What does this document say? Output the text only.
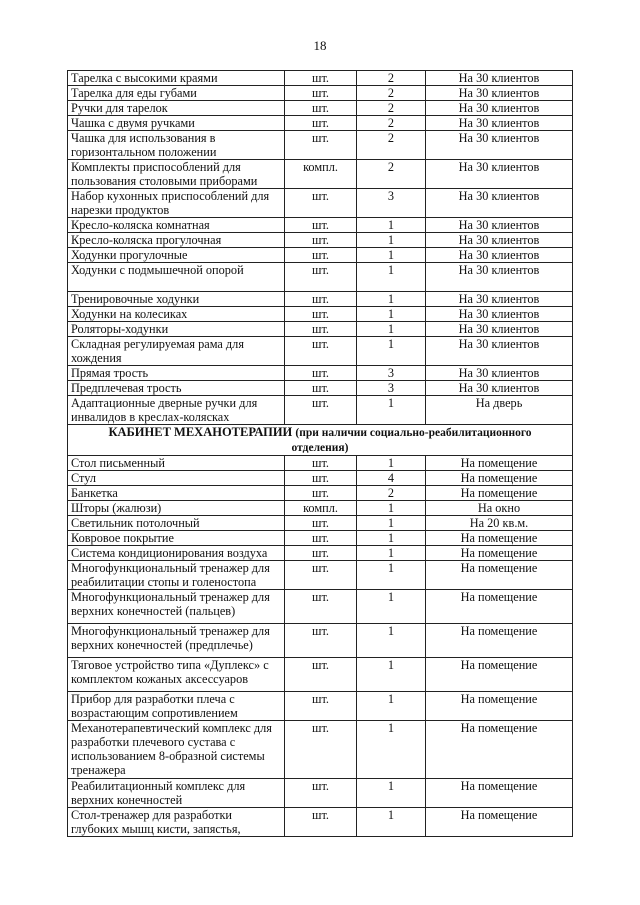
18
Тарелка с высокими краями	шт.	2	На 30 клиентов
Тарелка для еды губами	шт.	2	На 30 клиентов
Ручки для тарелок	шт.	2	На 30 клиентов
Чашка с двумя ручками	шт.	2	На 30 клиентов
Чашка для использования в горизонтальном положении	шт.	2	На 30 клиентов
Комплекты приспособлений для пользования столовыми приборами	компл.	2	На 30 клиентов
Набор кухонных приспособлений для нарезки продуктов	шт.	3	На 30 клиентов
Кресло-коляска комнатная	шт.	1	На 30 клиентов
Кресло-коляска прогулочная	шт.	1	На 30 клиентов
Ходунки прогулочные	шт.	1	На 30 клиентов
Ходунки с подмышечной опорой	шт.	1	На 30 клиентов
Тренировочные ходунки	шт.	1	На 30 клиентов
Ходунки на колесиках	шт.	1	На 30 клиентов
Роляторы-ходунки	шт.	1	На 30 клиентов
Складная регулируемая рама для хождения	шт.	1	На 30 клиентов
Прямая трость	шт.	3	На 30 клиентов
Предплечевая трость	шт.	3	На 30 клиентов
Адаптационные дверные ручки для инвалидов в креслах-колясках	шт.	1	На дверь
КАБИНЕТ МЕХАНОТЕРАПИИ (при наличии социально-реабилитационного
отделения)			
Стол письменный	шт.	1	На помещение
Стул	шт.	4	На помещение
Банкетка	шт.	2	На помещение
Шторы (жалюзи)	компл.	1	На окно
Светильник потолочный	шт.	1	На 20 кв.м.
Ковровое покрытие	шт.	1	На помещение
Система кондиционирования воздуха	шт.	1	На помещение
Многофункциональный тренажер для реабилитации стопы и голеностопа	шт.	1	На помещение
Многофункциональный тренажер для верхних конечностей (пальцев)	шт.	1	На помещение
Многофункциональный тренажер для верхних конечностей (предплечье)	шт.	1	На помещение
Тяговое устройство типа «Дуплекс» с комплектом кожаных аксессуаров	шт.	1	На помещение
Прибор для разработки плеча с возрастающим сопротивлением	шт.	1	На помещение
Механотерапевтический комплекс для разработки плечевого сустава с использованием 8-образной системы тренажера	шт.	1	На помещение
Реабилитационный комплекс для верхних конечностей	шт.	1	На помещение
Стол-тренажер для разработки глубоких мышц кисти, запястья,	шт.	1	На помещение
